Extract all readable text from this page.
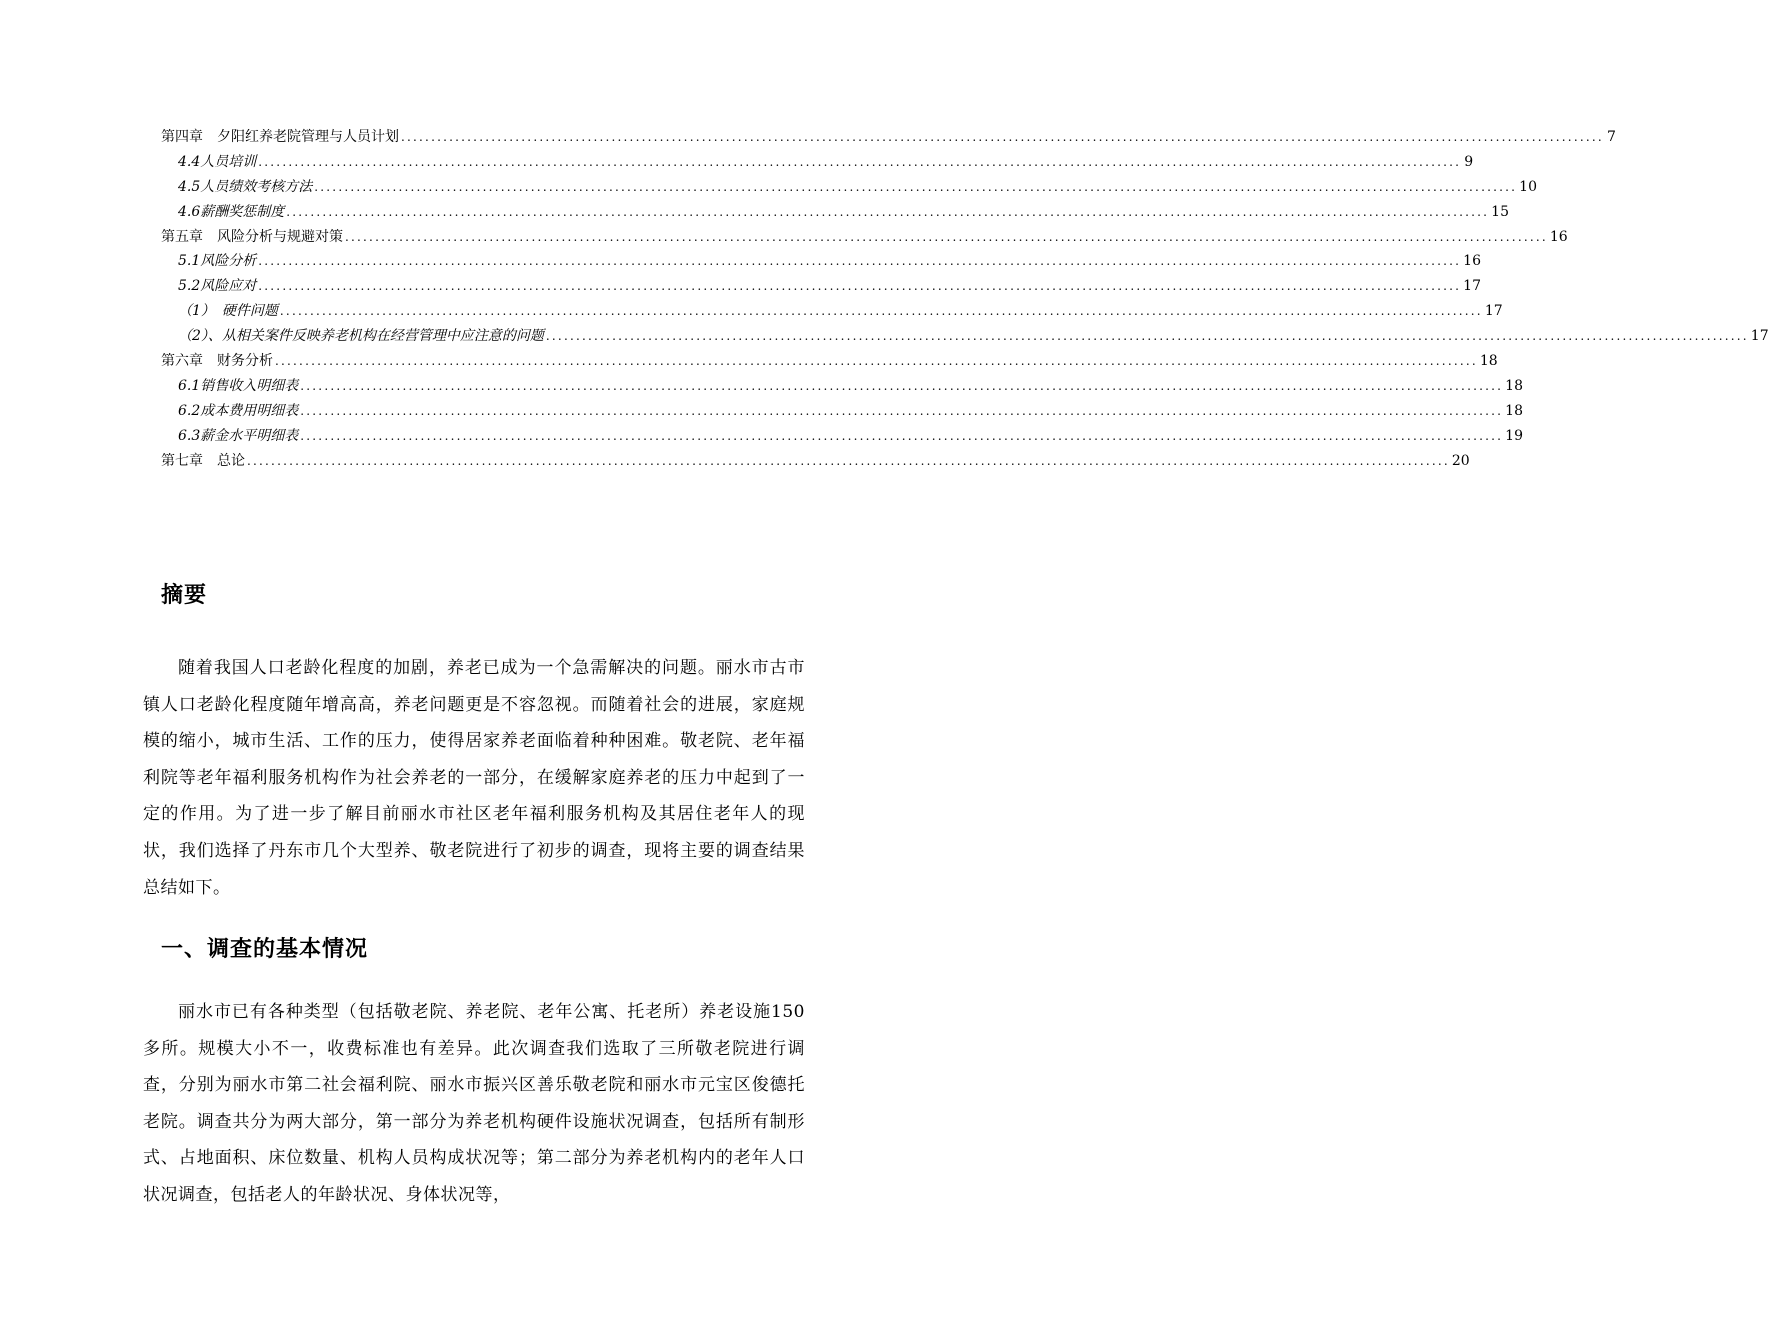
第四章　夕阳红养老院管理与人员计划 ........................................................................................................................................................................................................ 7
4.4人员培训 ........................................................................................................................................................................................................ 9
4.5人员绩效考核方法 ........................................................................................................................................................................................................ 10
4.6薪酬奖惩制度 ........................................................................................................................................................................................................ 15
第五章　风险分析与规避对策 ........................................................................................................................................................................................................ 16
5.1风险分析 ........................................................................................................................................................................................................ 16
5.2风险应对 ........................................................................................................................................................................................................ 17
（1）　硬件问题 ........................................................................................................................................................................................................ 17
（2）、从相关案件反映养老机构在经营管理中应注意的问题 ........................................................................................................................................................................................................ 17
第六章　财务分析 ........................................................................................................................................................................................................ 18
6.1销售收入明细表 ........................................................................................................................................................................................................ 18
6.2成本费用明细表 ........................................................................................................................................................................................................ 18
6.3薪金水平明细表 ........................................................................................................................................................................................................ 19
第七章　总论 ........................................................................................................................................................................................................ 20
摘要
随着我国人口老龄化程度的加剧，养老已成为一个急需解决的问题。丽水市古市镇人口老龄化程度随年增高高，养老问题更是不容忽视。而随着社会的进展，家庭规模的缩小，城市生活、工作的压力，使得居家养老面临着种种困难。敬老院、老年福利院等老年福利服务机构作为社会养老的一部分，在缓解家庭养老的压力中起到了一定的作用。为了进一步了解目前丽水市社区老年福利服务机构及其居住老年人的现状，我们选择了丹东市几个大型养、敬老院进行了初步的调查，现将主要的调查结果总结如下。
一、调查的基本情况
丽水市已有各种类型（包括敬老院、养老院、老年公寓、托老所）养老设施150多所。规模大小不一，收费标准也有差异。此次调查我们选取了三所敬老院进行调查，分别为丽水市第二社会福利院、丽水市振兴区善乐敬老院和丽水市元宝区俊德托老院。调查共分为两大部分，第一部分为养老机构硬件设施状况调查，包括所有制形式、占地面积、床位数量、机构人员构成状况等；第二部分为养老机构内的老年人口状况调查，包括老人的年龄状况、身体状况等，
